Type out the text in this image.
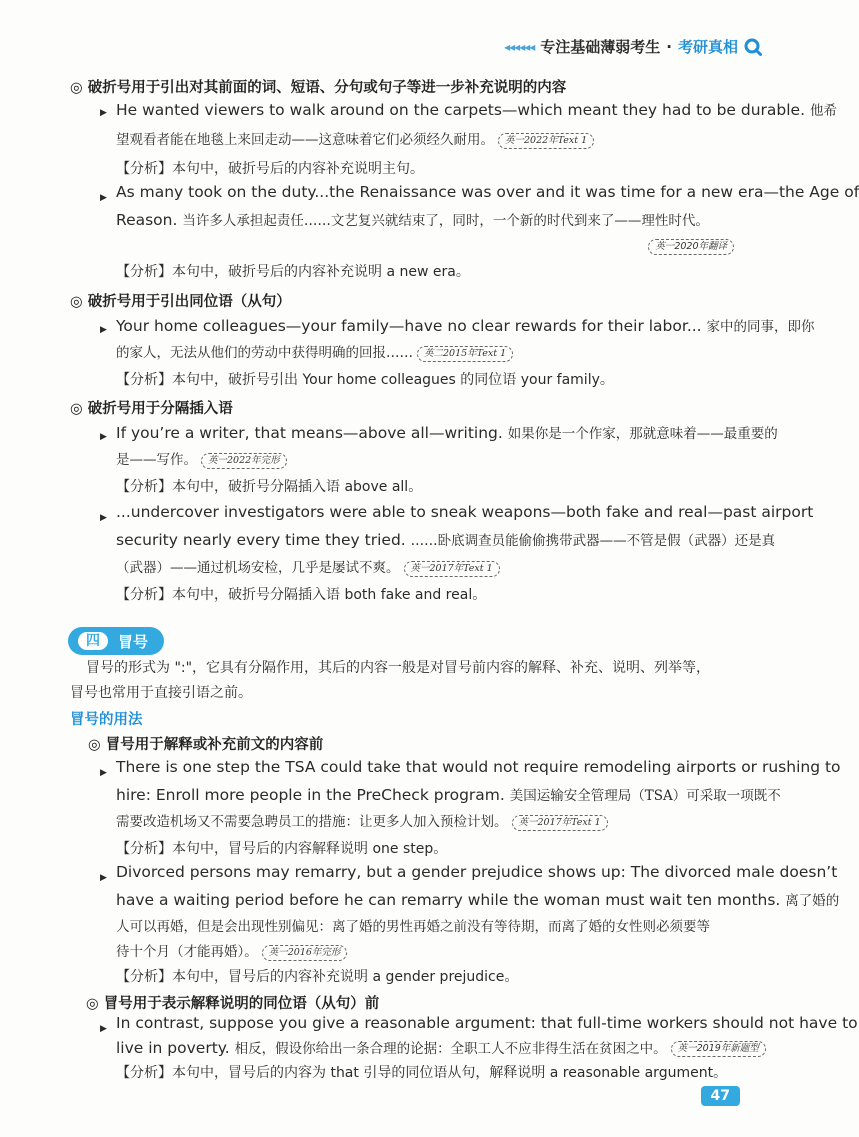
◂◂◂◂◂◂ 专注基础薄弱考生 · 考研真相
◎ 破折号用于引出对其前面的词、短语、分句或句子等进一步补充说明的内容
▶ He wanted viewers to walk around on the carpets—which meant they had to be durable. 他希
望观看者能在地毯上来回走动——这意味着它们必须经久耐用。 英一2022年Text 1
【分析】本句中，破折号后的内容补充说明主句。
▶ As many took on the duty...the Renaissance was over and it was time for a new era—the Age of
Reason. 当许多人承担起责任……文艺复兴就结束了，同时，一个新的时代到来了——理性时代。
英一2020年翻译
【分析】本句中，破折号后的内容补充说明 a new era。
◎ 破折号用于引出同位语（从句）
▶ Your home colleagues—your family—have no clear rewards for their labor... 家中的同事，即你
的家人，无法从他们的劳动中获得明确的回报…… 英二2015年Text 1
【分析】本句中，破折号引出 Your home colleagues 的同位语 your family。
◎ 破折号用于分隔插入语
▶ If you’re a writer, that means—above all—writing. 如果你是一个作家，那就意味着——最重要的
是——写作。 英一2022年完形
【分析】本句中，破折号分隔插入语 above all。
▶ ...undercover investigators were able to sneak weapons—both fake and real—past airport
security nearly every time they tried. ……卧底调查员能偷偷携带武器——不管是假（武器）还是真
（武器）——通过机场安检，几乎是屡试不爽。 英一2017年Text 1
【分析】本句中，破折号分隔插入语 both fake and real。
四	冒号
冒号的形式为 ":"，它具有分隔作用，其后的内容一般是对冒号前内容的解释、补充、说明、列举等，
冒号也常用于直接引语之前。
冒号的用法
◎ 冒号用于解释或补充前文的内容前
▶ There is one step the TSA could take that would not require remodeling airports or rushing to
hire: Enroll more people in the PreCheck program. 美国运输安全管理局（TSA）可采取一项既不
需要改造机场又不需要急聘员工的措施：让更多人加入预检计划。 英一2017年Text 1
【分析】本句中，冒号后的内容解释说明 one step。
▶ Divorced persons may remarry, but a gender prejudice shows up: The divorced male doesn’t
have a waiting period before he can remarry while the woman must wait ten months. 离了婚的
人可以再婚，但是会出现性别偏见：离了婚的男性再婚之前没有等待期，而离了婚的女性则必须要等
待十个月（才能再婚）。 英一2016年完形
【分析】本句中，冒号后的内容补充说明 a gender prejudice。
◎ 冒号用于表示解释说明的同位语（从句）前
▶ In contrast, suppose you give a reasonable argument: that full-time workers should not have to
live in poverty. 相反，假设你给出一条合理的论据：全职工人不应非得生活在贫困之中。 英一2019年新题型
【分析】本句中，冒号后的内容为 that 引导的同位语从句，解释说明 a reasonable argument。
47
